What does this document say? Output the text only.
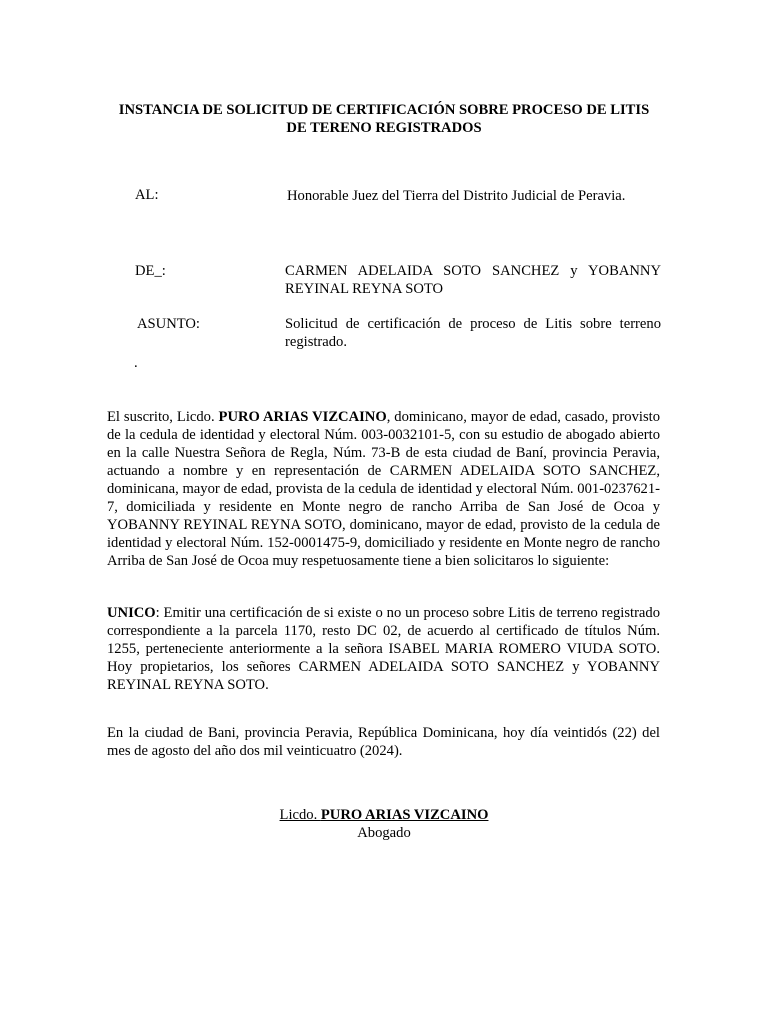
INSTANCIA DE SOLICITUD DE CERTIFICACIÓN SOBRE PROCESO DE LITIS
DE TERENO REGISTRADOS
AL:	Honorable Juez del Tierra del Distrito Judicial de Peravia.
DE_:	CARMEN ADELAIDA SOTO SANCHEZ y YOBANNY REYINAL REYNA SOTO
ASUNTO:	Solicitud de certificación de proceso de Litis sobre terreno registrado.
.
El suscrito, Licdo. PURO ARIAS VIZCAINO, dominicano, mayor de edad, casado, provisto de la cedula de identidad y electoral Núm. 003-0032101-5, con su estudio de abogado abierto en la calle Nuestra Señora de Regla, Núm. 73-B de esta ciudad de Baní, provincia Peravia, actuando a nombre y en representación de CARMEN ADELAIDA SOTO SANCHEZ, dominicana, mayor de edad, provista de la cedula de identidad y electoral Núm. 001-0237621-7, domiciliada y residente en Monte negro de rancho Arriba de San José de Ocoa y YOBANNY REYINAL REYNA SOTO, dominicano, mayor de edad, provisto de la cedula de identidad y electoral Núm. 152-0001475-9, domiciliado y residente en Monte negro de rancho Arriba de San José de Ocoa muy respetuosamente tiene a bien solicitaros lo siguiente:
UNICO: Emitir una certificación de si existe o no un proceso sobre Litis de terreno registrado correspondiente a la parcela 1170, resto DC 02, de acuerdo al certificado de títulos Núm. 1255, perteneciente anteriormente a la señora ISABEL MARIA ROMERO VIUDA SOTO. Hoy propietarios, los señores CARMEN ADELAIDA SOTO SANCHEZ y YOBANNY REYINAL REYNA SOTO.
En la ciudad de Bani, provincia Peravia, República Dominicana, hoy día veintidós (22) del mes de agosto del año dos mil veinticuatro (2024).
Licdo. PURO ARIAS VIZCAINO
Abogado
